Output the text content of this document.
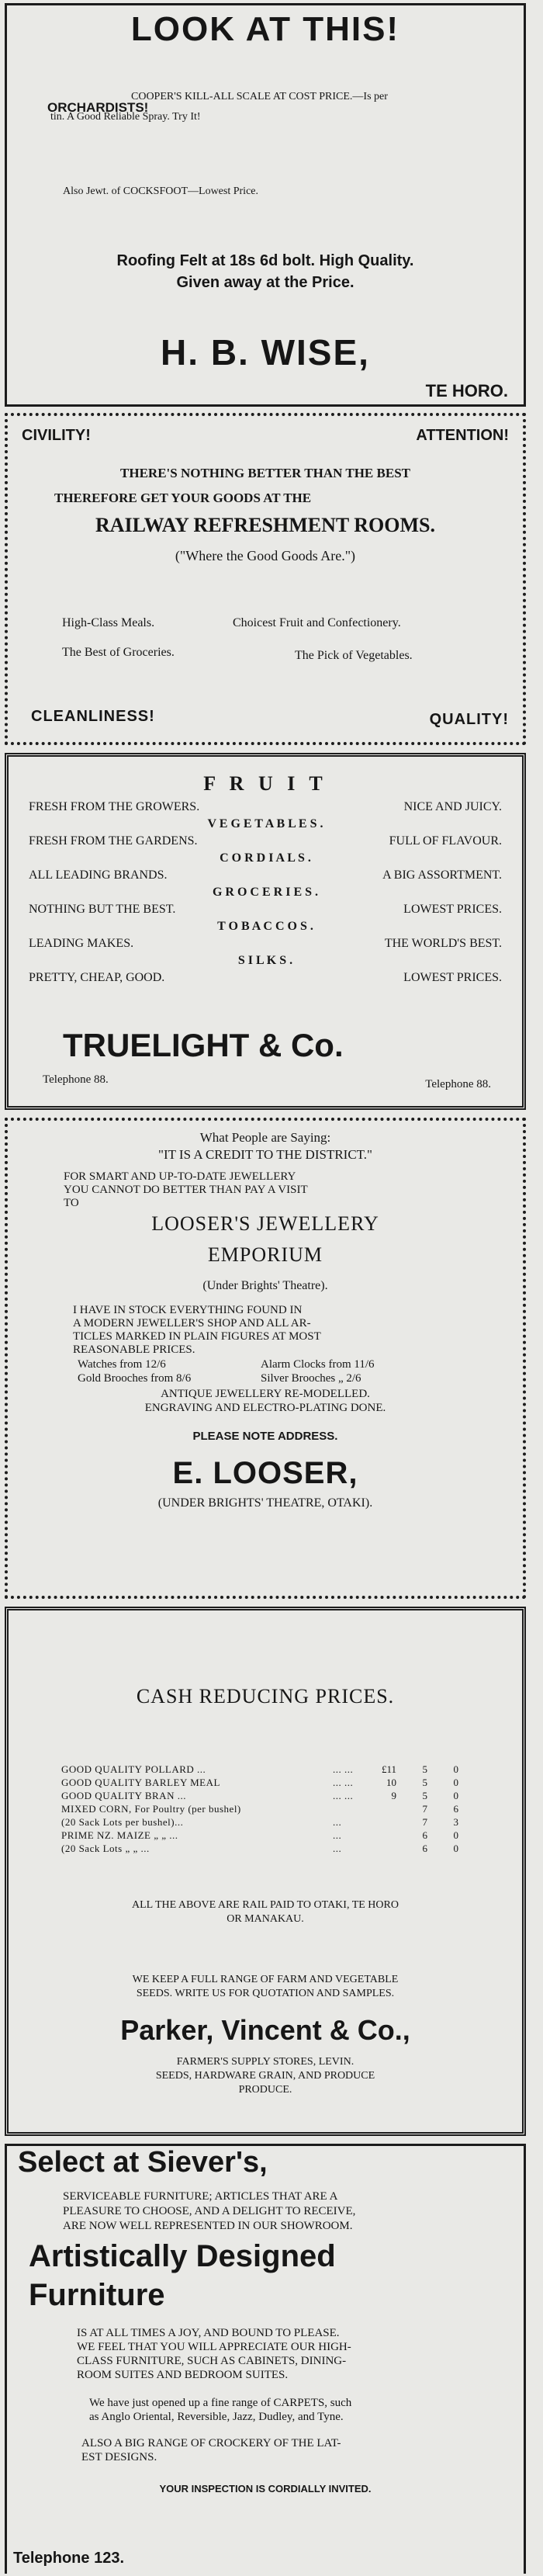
LOOK AT THIS!
ORCHARDISTS!
COOPER'S KILL-ALL SCALE AT COST PRICE.—Is per
tin. A Good Reliable Spray. Try It!
Also Jewt. of COCKSFOOT—Lowest Price.
Roofing Felt at 18s 6d bolt. High Quality.
Given away at the Price.
H. B. WISE,
TE HORO.
CIVILITY!	ATTENTION!
THERE'S NOTHING BETTER THAN THE BEST
THEREFORE GET YOUR GOODS AT THE
RAILWAY REFRESHMENT ROOMS.
("Where the Good Goods Are.")
High-Class Meals.	Choicest Fruit and Confectionery.
The Best of Groceries.	The Pick of Vegetables.
CLEANLINESS!	QUALITY!
F R U I T
FRESH FROM THE GROWERS.	NICE AND JUICY.
V E G E T A B L E S .
FRESH FROM THE GARDENS.	FULL OF FLAVOUR.
C O R D I A L S .
ALL LEADING BRANDS.	A BIG ASSORTMENT.
G R O C E R I E S .
NOTHING BUT THE BEST.	LOWEST PRICES.
T O B A C C O S .
LEADING MAKES.	THE WORLD'S BEST.
S I L K S .
PRETTY, CHEAP, GOOD.	LOWEST PRICES.
TRUELIGHT & Co.
Telephone 88.	Telephone 88.
What People are Saying:
"IT IS A CREDIT TO THE DISTRICT."
FOR SMART AND UP-TO-DATE JEWELLERY
YOU CANNOT DO BETTER THAN PAY A VISIT
TO
LOOSER'S JEWELLERY
EMPORIUM
(Under Brights' Theatre).
I HAVE IN STOCK EVERYTHING FOUND IN
A MODERN JEWELLER'S SHOP AND ALL AR-
TICLES MARKED IN PLAIN FIGURES AT MOST
REASONABLE PRICES.
Watches from 12/6	Alarm Clocks from 11/6
Gold Brooches from 8/6	Silver Brooches „ 2/6
ANTIQUE JEWELLERY RE-MODELLED.
ENGRAVING AND ELECTRO-PLATING DONE.
PLEASE NOTE ADDRESS.
E. LOOSER,
(UNDER BRIGHTS' THEATRE, OTAKI).
CASH REDUCING PRICES.
GOOD QUALITY POLLARD ...	... ...	£11	5	0
GOOD QUALITY BARLEY MEAL	... ...	10	5	0
GOOD QUALITY BRAN ...	... ...	9	5	0
MIXED CORN, For Poultry (per bushel)			7	6
(20 Sack Lots per bushel)...	...		7	3
PRIME NZ. MAIZE „ „ ...	...		6	0
(20 Sack Lots „ „ ...	...		6	0
ALL THE ABOVE ARE RAIL PAID TO OTAKI, TE HORO
OR MANAKAU.
WE KEEP A FULL RANGE OF FARM AND VEGETABLE
SEEDS. WRITE US FOR QUOTATION AND SAMPLES.
Parker, Vincent & Co.,
FARMER'S SUPPLY STORES, LEVIN.
SEEDS, HARDWARE GRAIN, AND PRODUCE
PRODUCE.
Select at Siever's,
SERVICEABLE FURNITURE; ARTICLES THAT ARE A
PLEASURE TO CHOOSE, AND A DELIGHT TO RECEIVE,
ARE NOW WELL REPRESENTED IN OUR SHOWROOM.
Artistically Designed
Furniture
IS AT ALL TIMES A JOY, AND BOUND TO PLEASE.
WE FEEL THAT YOU WILL APPRECIATE OUR HIGH-
CLASS FURNITURE, SUCH AS CABINETS, DINING-
ROOM SUITES AND BEDROOM SUITES.
We have just opened up a fine range of CARPETS, such
as Anglo Oriental, Reversible, Jazz, Dudley, and Tyne.
ALSO A BIG RANGE OF CROCKERY OF THE LAT-
EST DESIGNS.
YOUR INSPECTION IS CORDIALLY INVITED.
Telephone 123.
